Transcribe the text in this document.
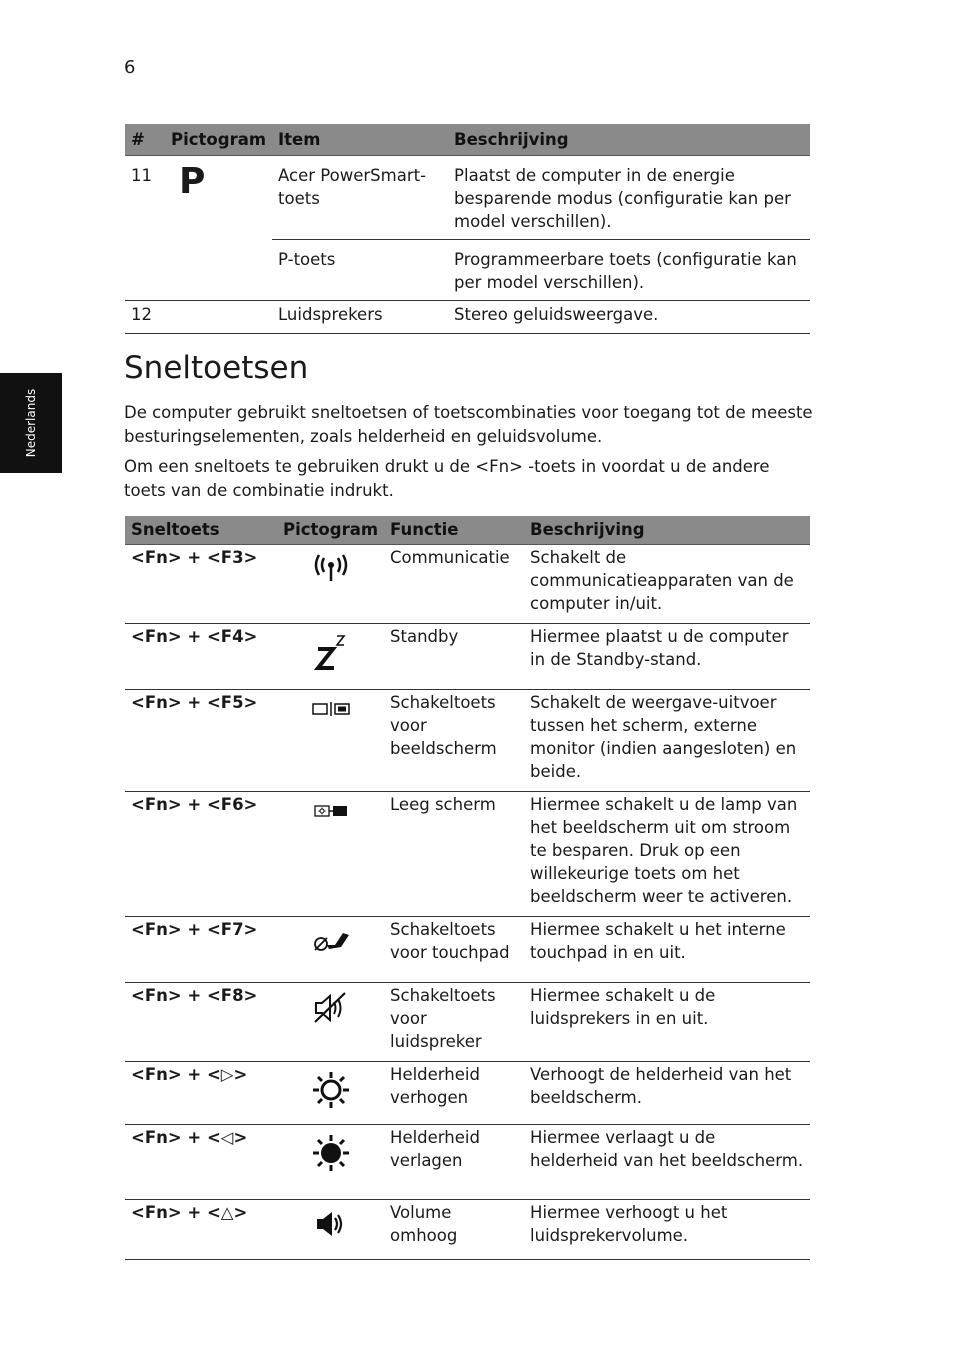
6
Nederlands
#	Pictogram	Item	Beschrijving
11	P	Acer PowerSmart-toets	Plaatst de computer in de energie besparende modus (configuratie kan per model verschillen).
		P-toets	Programmeerbare toets (configuratie kan per model verschillen).
12		Luidsprekers	Stereo geluidsweergave.
Sneltoetsen

De computer gebruikt sneltoetsen of toetscombinaties voor toegang tot de meeste besturingselementen, zoals helderheid en geluidsvolume.

Om een sneltoets te gebruiken drukt u de <Fn> -toets in voordat u de andere toets van de combinatie indrukt.

Sneltoets	Pictogram	Functie	Beschrijving
<Fn> + <F3>		Communicatie	Schakelt de communicatieapparaten van de computer in/uit.
<Fn> + <F4>		Standby	Hiermee plaatst u de computer in de Standby-stand.
<Fn> + <F5>		Schakeltoets voor beeldscherm	Schakelt de weergave-uitvoer tussen het scherm, externe monitor (indien aangesloten) en beide.
<Fn> + <F6>		Leeg scherm	Hiermee schakelt u de lamp van het beeldscherm uit om stroom te besparen. Druk op een willekeurige toets om het beeldscherm weer te activeren.
<Fn> + <F7>		Schakeltoets voor touchpad	Hiermee schakelt u het interne touchpad in en uit.
<Fn> + <F8>		Schakeltoets voor luidspreker	Hiermee schakelt u de luidsprekers in en uit.
<Fn> + <▷>		Helderheid verhogen	Verhoogt de helderheid van het beeldscherm.
<Fn> + <◁>		Helderheid verlagen	Hiermee verlaagt u de helderheid van het beeldscherm.
<Fn> + <△>		Volume omhoog	Hiermee verhoogt u het luidsprekervolume.
